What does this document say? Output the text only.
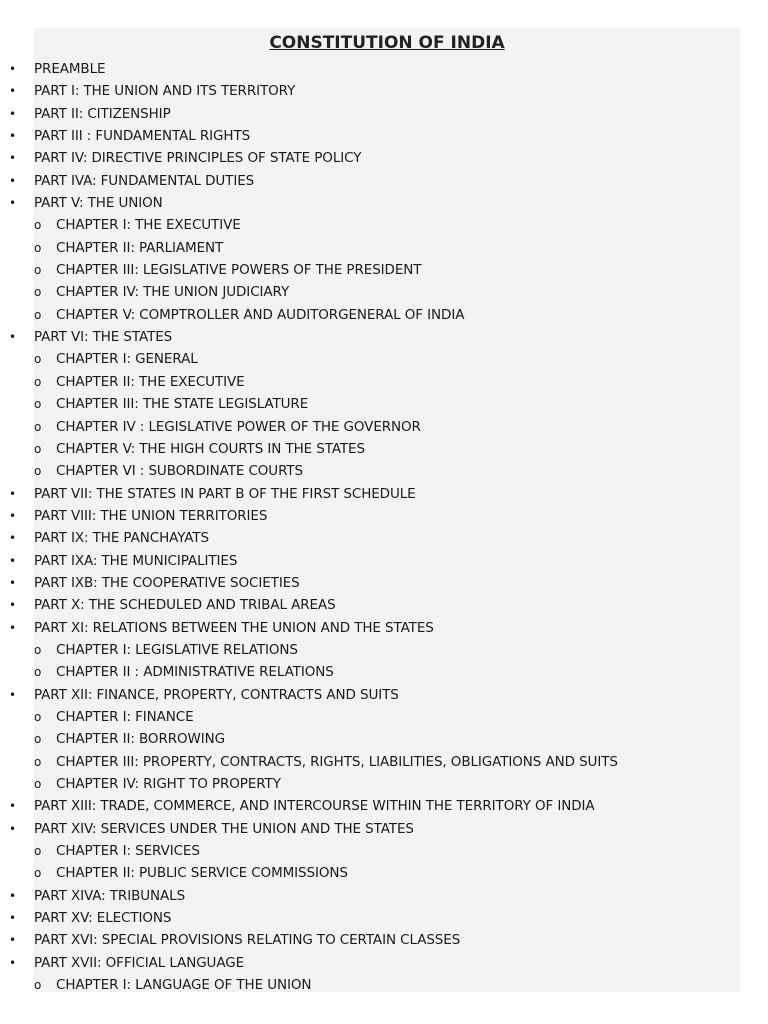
CONSTITUTION OF INDIA
• PREAMBLE
• PART I: THE UNION AND ITS TERRITORY
• PART II: CITIZENSHIP
• PART III : FUNDAMENTAL RIGHTS
• PART IV: DIRECTIVE PRINCIPLES OF STATE POLICY
• PART IVA: FUNDAMENTAL DUTIES
• PART V: THE UNION
o CHAPTER I: THE EXECUTIVE
o CHAPTER II: PARLIAMENT
o CHAPTER III: LEGISLATIVE POWERS OF THE PRESIDENT
o CHAPTER IV: THE UNION JUDICIARY
o CHAPTER V: COMPTROLLER AND AUDITORGENERAL OF INDIA
• PART VI: THE STATES
o CHAPTER I: GENERAL
o CHAPTER II: THE EXECUTIVE
o CHAPTER III: THE STATE LEGISLATURE
o CHAPTER IV : LEGISLATIVE POWER OF THE GOVERNOR
o CHAPTER V: THE HIGH COURTS IN THE STATES
o CHAPTER VI : SUBORDINATE COURTS
• PART VII: THE STATES IN PART B OF THE FIRST SCHEDULE
• PART VIII: THE UNION TERRITORIES
• PART IX: THE PANCHAYATS
• PART IXA: THE MUNICIPALITIES
• PART IXB: THE COOPERATIVE SOCIETIES
• PART X: THE SCHEDULED AND TRIBAL AREAS
• PART XI: RELATIONS BETWEEN THE UNION AND THE STATES
o CHAPTER I: LEGISLATIVE RELATIONS
o CHAPTER II : ADMINISTRATIVE RELATIONS
• PART XII: FINANCE, PROPERTY, CONTRACTS AND SUITS
o CHAPTER I: FINANCE
o CHAPTER II: BORROWING
o CHAPTER III: PROPERTY, CONTRACTS, RIGHTS, LIABILITIES, OBLIGATIONS AND SUITS
o CHAPTER IV: RIGHT TO PROPERTY
• PART XIII: TRADE, COMMERCE, AND INTERCOURSE WITHIN THE TERRITORY OF INDIA
• PART XIV: SERVICES UNDER THE UNION AND THE STATES
o CHAPTER I: SERVICES
o CHAPTER II: PUBLIC SERVICE COMMISSIONS
• PART XIVA: TRIBUNALS
• PART XV: ELECTIONS
• PART XVI: SPECIAL PROVISIONS RELATING TO CERTAIN CLASSES
• PART XVII: OFFICIAL LANGUAGE
o CHAPTER I: LANGUAGE OF THE UNION
